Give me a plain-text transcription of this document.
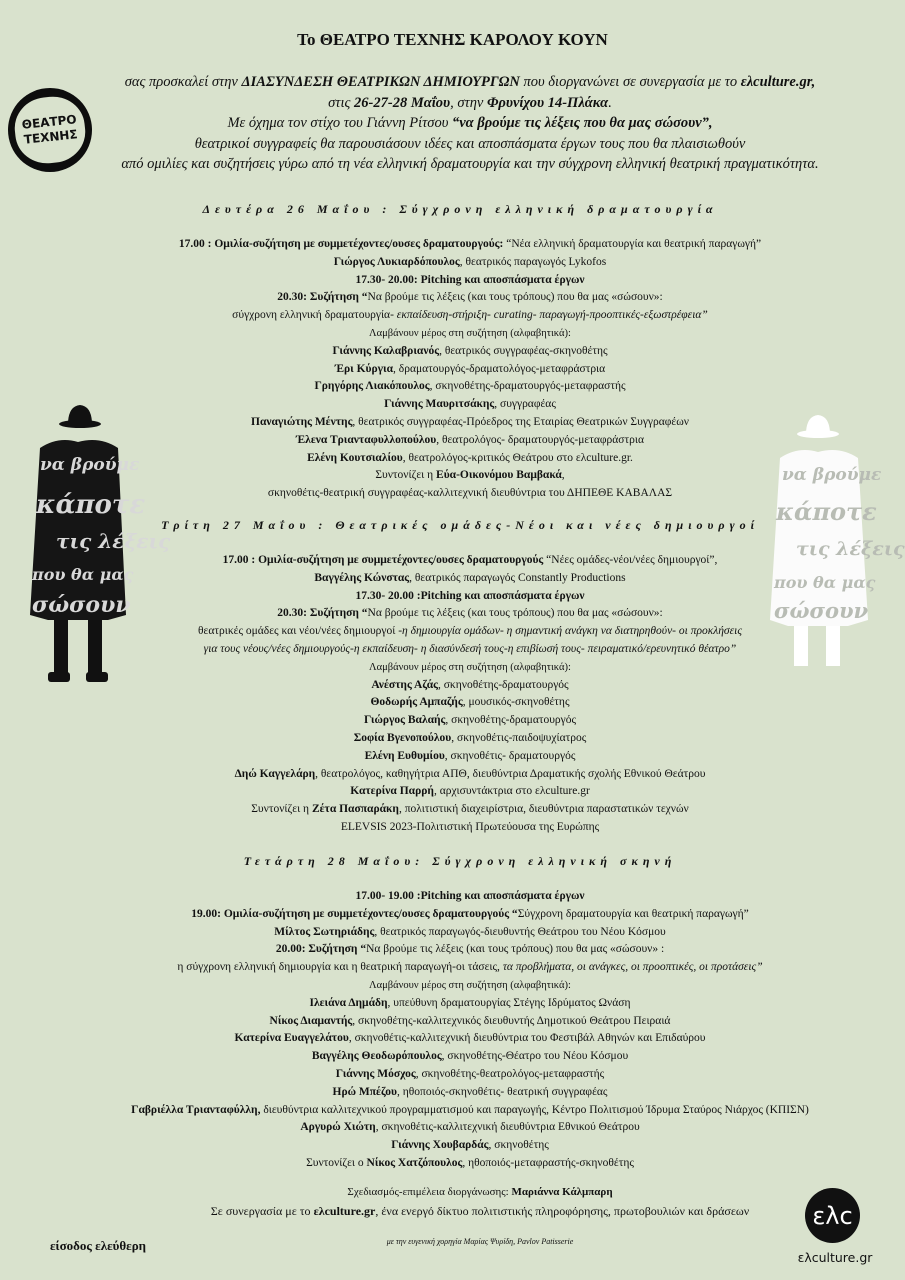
Το ΘΕΑΤΡΟ ΤΕΧΝΗΣ ΚΑΡΟΛΟΥ ΚΟΥΝ
ΘΕΑΤΡΟ
ΤΕΧΝΗΣ
σας προσκαλεί στην ΔΙΑΣΥΝΔΕΣΗ ΘΕΑΤΡΙΚΩΝ ΔΗΜΙΟΥΡΓΩΝ που διοργανώνει σε συνεργασία με το ελculture.gr,
στις 26-27-28 Μαΐου, στην Φρυνίχου 14-Πλάκα.
Με όχημα τον στίχο του Γιάννη Ρίτσου “να βρούμε τις λέξεις που θα μας σώσουν”,
θεατρικοί συγγραφείς θα παρουσιάσουν ιδέες και αποσπάσματα έργων τους που θα πλαισιωθούν
από ομιλίες και συζητήσεις γύρω από τη νέα ελληνική δραματουργία και την σύγχρονη ελληνική θεατρική πραγματικότητα.
να βρούμε
κάποτε
τις λέξεις
που θα μας
σώσουν
να βρούμε
κάποτε
τις λέξεις
που θα μας
σώσουν
Δευτέρα 26 Μαΐου : Σύγχρονη ελληνική δραματουργία
Τρίτη 27 Μαΐου : Θεατρικές ομάδες-Νέοι και νέες δημιουργοί
Τετάρτη 28 Μαΐου: Σύγχρονη ελληνική σκηνή
17.00 : Ομιλία-συζήτηση με συμμετέχοντες/ουσες δραματουργούς: “Νέα ελληνική δραματουργία και θεατρική παραγωγή”
Γιώργος Λυκιαρδόπουλος, θεατρικός παραγωγός Lykofos
17.30- 20.00: Pitching και αποσπάσματα έργων
20.30: Συζήτηση “Να βρούμε τις λέξεις (και τους τρόπους) που θα μας «σώσουν»:
σύγχρονη ελληνική δραματουργία- εκπαίδευση-στήριξη- curating- παραγωγή-προοπτικές-εξωστρέφεια”
Λαμβάνουν μέρος στη συζήτηση (αλφαβητικά):
Γιάννης Καλαβριανός, θεατρικός συγγραφέας-σκηνοθέτης
Έρι Κύργια, δραματουργός-δραματολόγος-μεταφράστρια
Γρηγόρης Λιακόπουλος, σκηνοθέτης-δραματουργός-μεταφραστής
Γιάννης Μαυριτσάκης, συγγραφέας
Παναγιώτης Μέντης, θεατρικός συγγραφέας-Πρόεδρος της Εταιρίας Θεατρικών Συγγραφέων
Έλενα Τριανταφυλλοπούλου, θεατρολόγος- δραματουργός-μεταφράστρια
Ελένη Κουτσιαλίου, θεατρολόγος-κριτικός Θεάτρου στο ελculture.gr.
Συντονίζει η Εύα-Οικονόμου Βαμβακά,
σκηνοθέτις-θεατρική συγγραφέας-καλλιτεχνική διευθύντρια του ΔΗΠΕΘΕ ΚΑΒΑΛΑΣ
17.00 : Ομιλία-συζήτηση με συμμετέχοντες/ουσες δραματουργούς “Νέες ομάδες-νέοι/νέες δημιουργοί”,
Βαγγέλης Κώνστας, θεατρικός παραγωγός Constantly Productions
17.30- 20.00 :Pitching και αποσπάσματα έργων
20.30: Συζήτηση “Να βρούμε τις λέξεις (και τους τρόπους) που θα μας «σώσουν»:
θεατρικές ομάδες και νέοι/νέες δημιουργοί -η δημιουργία ομάδων- η σημαντική ανάγκη να διατηρηθούν- οι προκλήσεις
για τους νέους/νέες δημιουργούς-η εκπαίδευση- η διασύνδεσή τους-η επιβίωσή τους- πειραματικό/ερευνητικό θέατρο”
Λαμβάνουν μέρος στη συζήτηση (αλφαβητικά):
Ανέστης Αζάς, σκηνοθέτης-δραματουργός
Θοδωρής Αμπαζής, μουσικός-σκηνοθέτης
Γιώργος Βαλαής, σκηνοθέτης-δραματουργός
Σοφία Βγενοπούλου, σκηνοθέτις-παιδοψυχίατρος
Ελένη Ευθυμίου, σκηνοθέτις- δραματουργός
Δηώ Καγγελάρη, θεατρολόγος, καθηγήτρια ΑΠΘ, διευθύντρια Δραματικής σχολής Εθνικού Θεάτρου
Κατερίνα Παρρή, αρχισυντάκτρια στο ελculture.gr
Συντονίζει η Ζέτα Πασπαράκη, πολιτιστική διαχειρίστρια, διευθύντρια παραστατικών τεχνών
ΕLEVSIS 2023-Πολιτιστική Πρωτεύουσα της Ευρώπης
17.00- 19.00 :Pitching και αποσπάσματα έργων
19.00: Ομιλία-συζήτηση με συμμετέχοντες/ουσες δραματουργούς “Σύγχρονη δραματουργία και θεατρική παραγωγή”
Μίλτος Σωτηριάδης, θεατρικός παραγωγός-διευθυντής Θεάτρου του Νέου Κόσμου
20.00: Συζήτηση “Να βρούμε τις λέξεις (και τους τρόπους) που θα μας «σώσουν» :
η σύγχρονη ελληνική δημιουργία και η θεατρική παραγωγή-οι τάσεις, τα προβλήματα, οι ανάγκες, οι προοπτικές, οι προτάσεις”
Λαμβάνουν μέρος στη συζήτηση (αλφαβητικά):
Ιλειάνα Δημάδη, υπεύθυνη δραματουργίας Στέγης Ιδρύματος Ωνάση
Νίκος Διαμαντής, σκηνοθέτης-καλλιτεχνικός διευθυντής Δημοτικού Θεάτρου Πειραιά
Κατερίνα Ευαγγελάτου, σκηνοθέτις-καλλιτεχνική διευθύντρια του Φεστιβάλ Αθηνών και Επιδαύρου
Βαγγέλης Θεοδωρόπουλος, σκηνοθέτης-Θέατρο του Νέου Κόσμου
Γιάννης Μόσχος, σκηνοθέτης-θεατρολόγος-μεταφραστής
Ηρώ Μπέζου, ηθοποιός-σκηνοθέτις- θεατρική συγγραφέας
Γαβριέλλα Τριανταφύλλη, διευθύντρια καλλιτεχνικού προγραμματισμού και παραγωγής, Κέντρο Πολιτισμού Ίδρυμα Σταύρος Νιάρχος (ΚΠΙΣΝ)
Αργυρώ Χιώτη, σκηνοθέτις-καλλιτεχνική διευθύντρια Εθνικού Θεάτρου
Γιάννης Χουβαρδάς, σκηνοθέτης
Συντονίζει ο Νίκος Χατζόπουλος, ηθοποιός-μεταφραστής-σκηνοθέτης
Σχεδιασμός-επιμέλεια διοργάνωσης: Μαριάννα Κάλμπαρη
Σε συνεργασία με το ελculture.gr, ένα ενεργό δίκτυο πολιτιστικής πληροφόρησης, πρωτοβουλιών και δράσεων
με την ευγενική χορηγία Μαρίας Ψυρίδη, Pavlov Patisserie
είσοδος ελεύθερη
ελc
ελculture.gr
